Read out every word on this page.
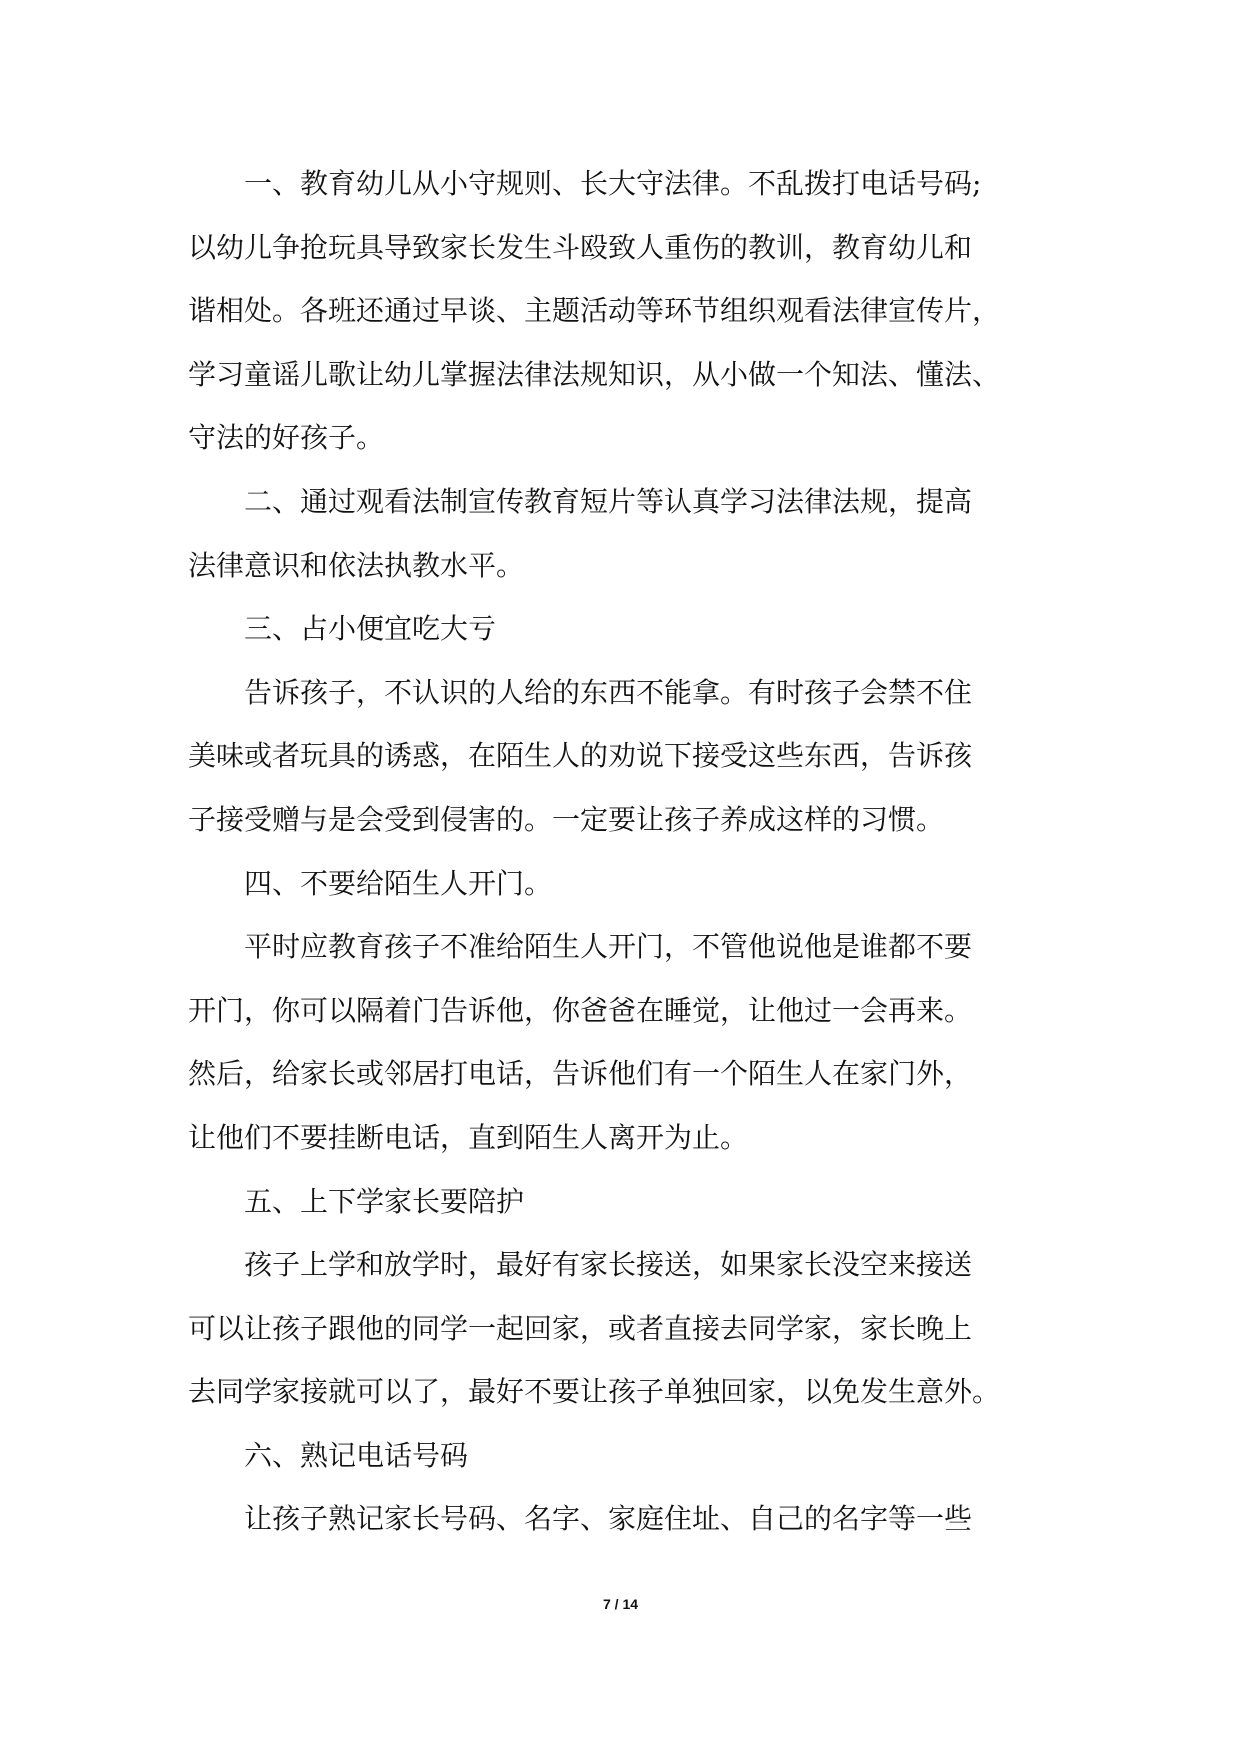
一、教育幼儿从小守规则、长大守法律。不乱拨打电话号码;
以幼儿争抢玩具导致家长发生斗殴致人重伤的教训，教育幼儿和
谐相处。各班还通过早谈、主题活动等环节组织观看法律宣传片，
学习童谣儿歌让幼儿掌握法律法规知识，从小做一个知法、懂法、
守法的好孩子。
二、通过观看法制宣传教育短片等认真学习法律法规，提高
法律意识和依法执教水平。
三、占小便宜吃大亏
告诉孩子，不认识的人给的东西不能拿。有时孩子会禁不住
美味或者玩具的诱惑，在陌生人的劝说下接受这些东西，告诉孩
子接受赠与是会受到侵害的。一定要让孩子养成这样的习惯。
四、不要给陌生人开门。
平时应教育孩子不准给陌生人开门，不管他说他是谁都不要
开门，你可以隔着门告诉他，你爸爸在睡觉，让他过一会再来。
然后，给家长或邻居打电话，告诉他们有一个陌生人在家门外，
让他们不要挂断电话，直到陌生人离开为止。
五、上下学家长要陪护
孩子上学和放学时，最好有家长接送，如果家长没空来接送
可以让孩子跟他的同学一起回家，或者直接去同学家，家长晚上
去同学家接就可以了，最好不要让孩子单独回家，以免发生意外。
六、熟记电话号码
让孩子熟记家长号码、名字、家庭住址、自己的名字等一些
7 / 14
